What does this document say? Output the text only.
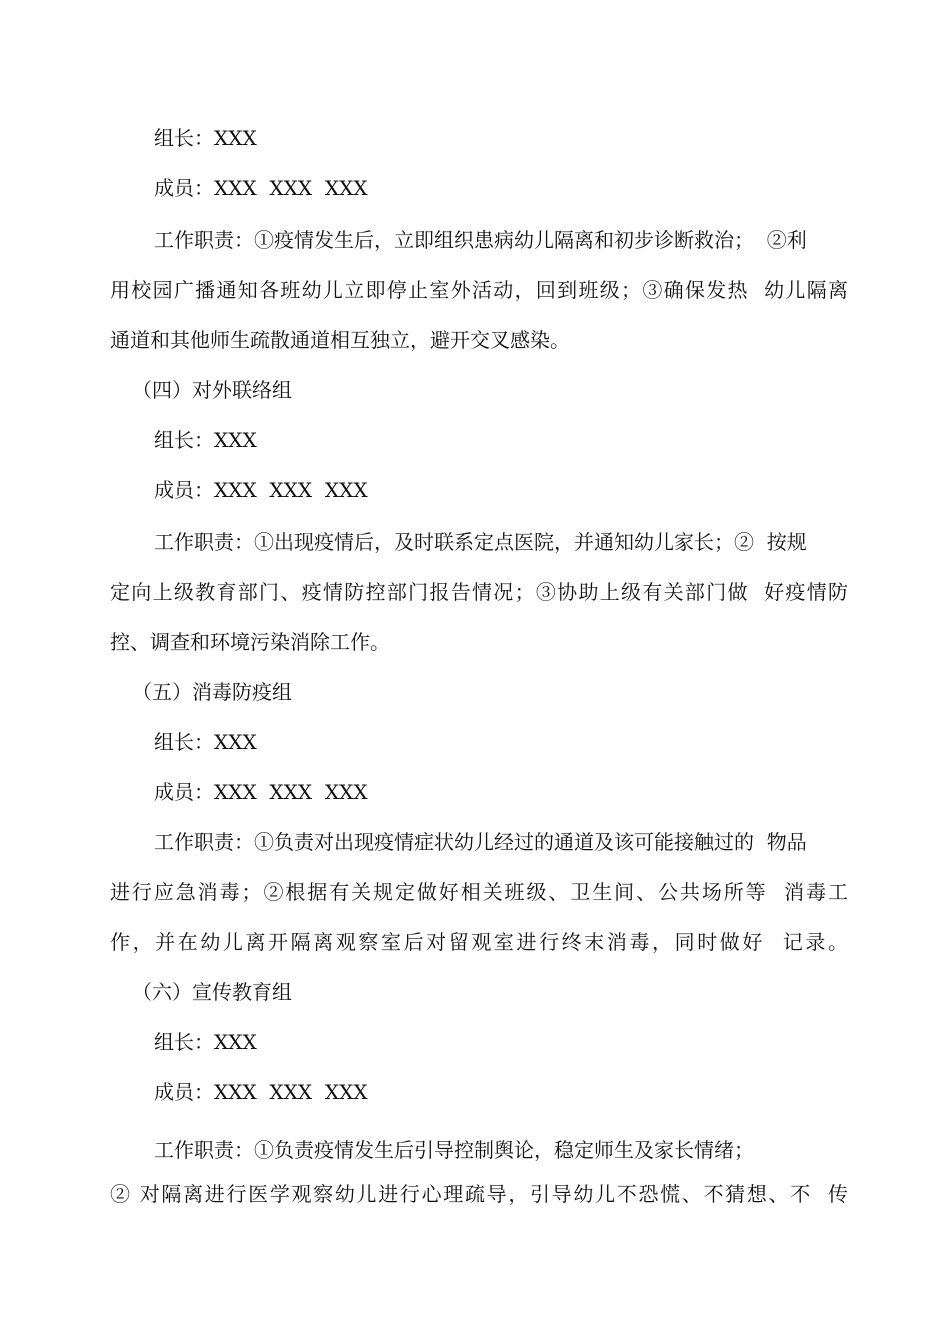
组长：XXX
成员：XXX  XXX  XXX
工作职责：①疫情发生后，立即组织患病幼儿隔离和初步诊断救治；  ②利
用校园广播通知各班幼儿立即停止室外活动，回到班级；③确保发热  幼儿隔离
通道和其他师生疏散通道相互独立，避开交叉感染。
（四）对外联络组
组长：XXX
成员：XXX  XXX  XXX
工作职责：①出现疫情后，及时联系定点医院，并通知幼儿家长；②  按规
定向上级教育部门、疫情防控部门报告情况；③协助上级有关部门做  好疫情防
控、调查和环境污染消除工作。
（五）消毒防疫组
组长：XXX
成员：XXX  XXX  XXX
工作职责：①负责对出现疫情症状幼儿经过的通道及该可能接触过的  物品
进行应急消毒；②根据有关规定做好相关班级、卫生间、公共场所等  消毒工
作，并在幼儿离开隔离观察室后对留观室进行终末消毒，同时做好  记录。
（六）宣传教育组
组长：XXX
成员：XXX  XXX  XXX
工作职责：①负责疫情发生后引导控制舆论，稳定师生及家长情绪；
② 对隔离进行医学观察幼儿进行心理疏导，引导幼儿不恐慌、不猜想、不  传
